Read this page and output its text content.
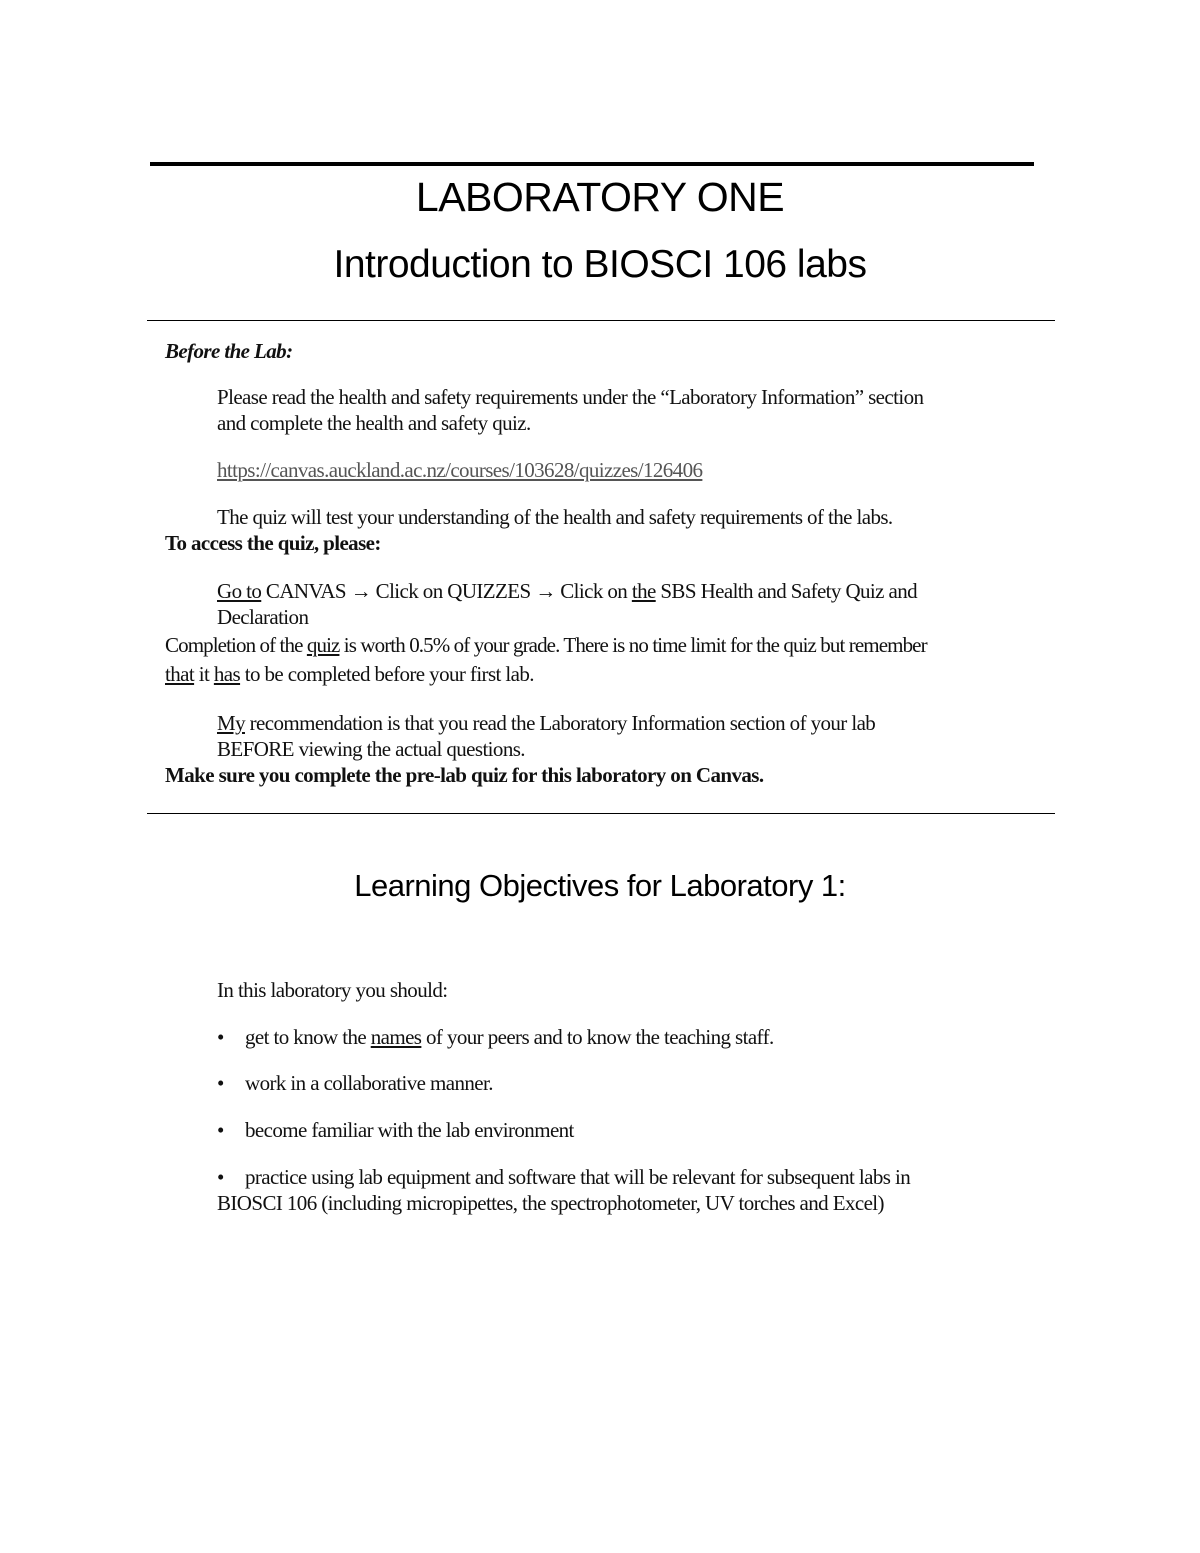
LABORATORY ONE
Introduction to BIOSCI 106 labs
Before the Lab:
Please read the health and safety requirements under the “Laboratory Information” section
and complete the health and safety quiz.
https://canvas.auckland.ac.nz/courses/103628/quizzes/126406
The quiz will test your understanding of the health and safety requirements of the labs.
To access the quiz, please:
Go to CANVAS → Click on QUIZZES → Click on the SBS Health and Safety Quiz and
Declaration
Completion of the quiz is worth 0.5% of your grade. There is no time limit for the quiz but remember
that it has to be completed before your first lab.
My recommendation is that you read the Laboratory Information section of your lab
BEFORE viewing the actual questions.
Make sure you complete the pre-lab quiz for this laboratory on Canvas.
Learning Objectives for Laboratory 1:
In this laboratory you should:
• get to know the names of your peers and to know the teaching staff.
• work in a collaborative manner.
• become familiar with the lab environment
• practice using lab equipment and software that will be relevant for subsequent labs in
BIOSCI 106 (including micropipettes, the spectrophotometer, UV torches and Excel)
